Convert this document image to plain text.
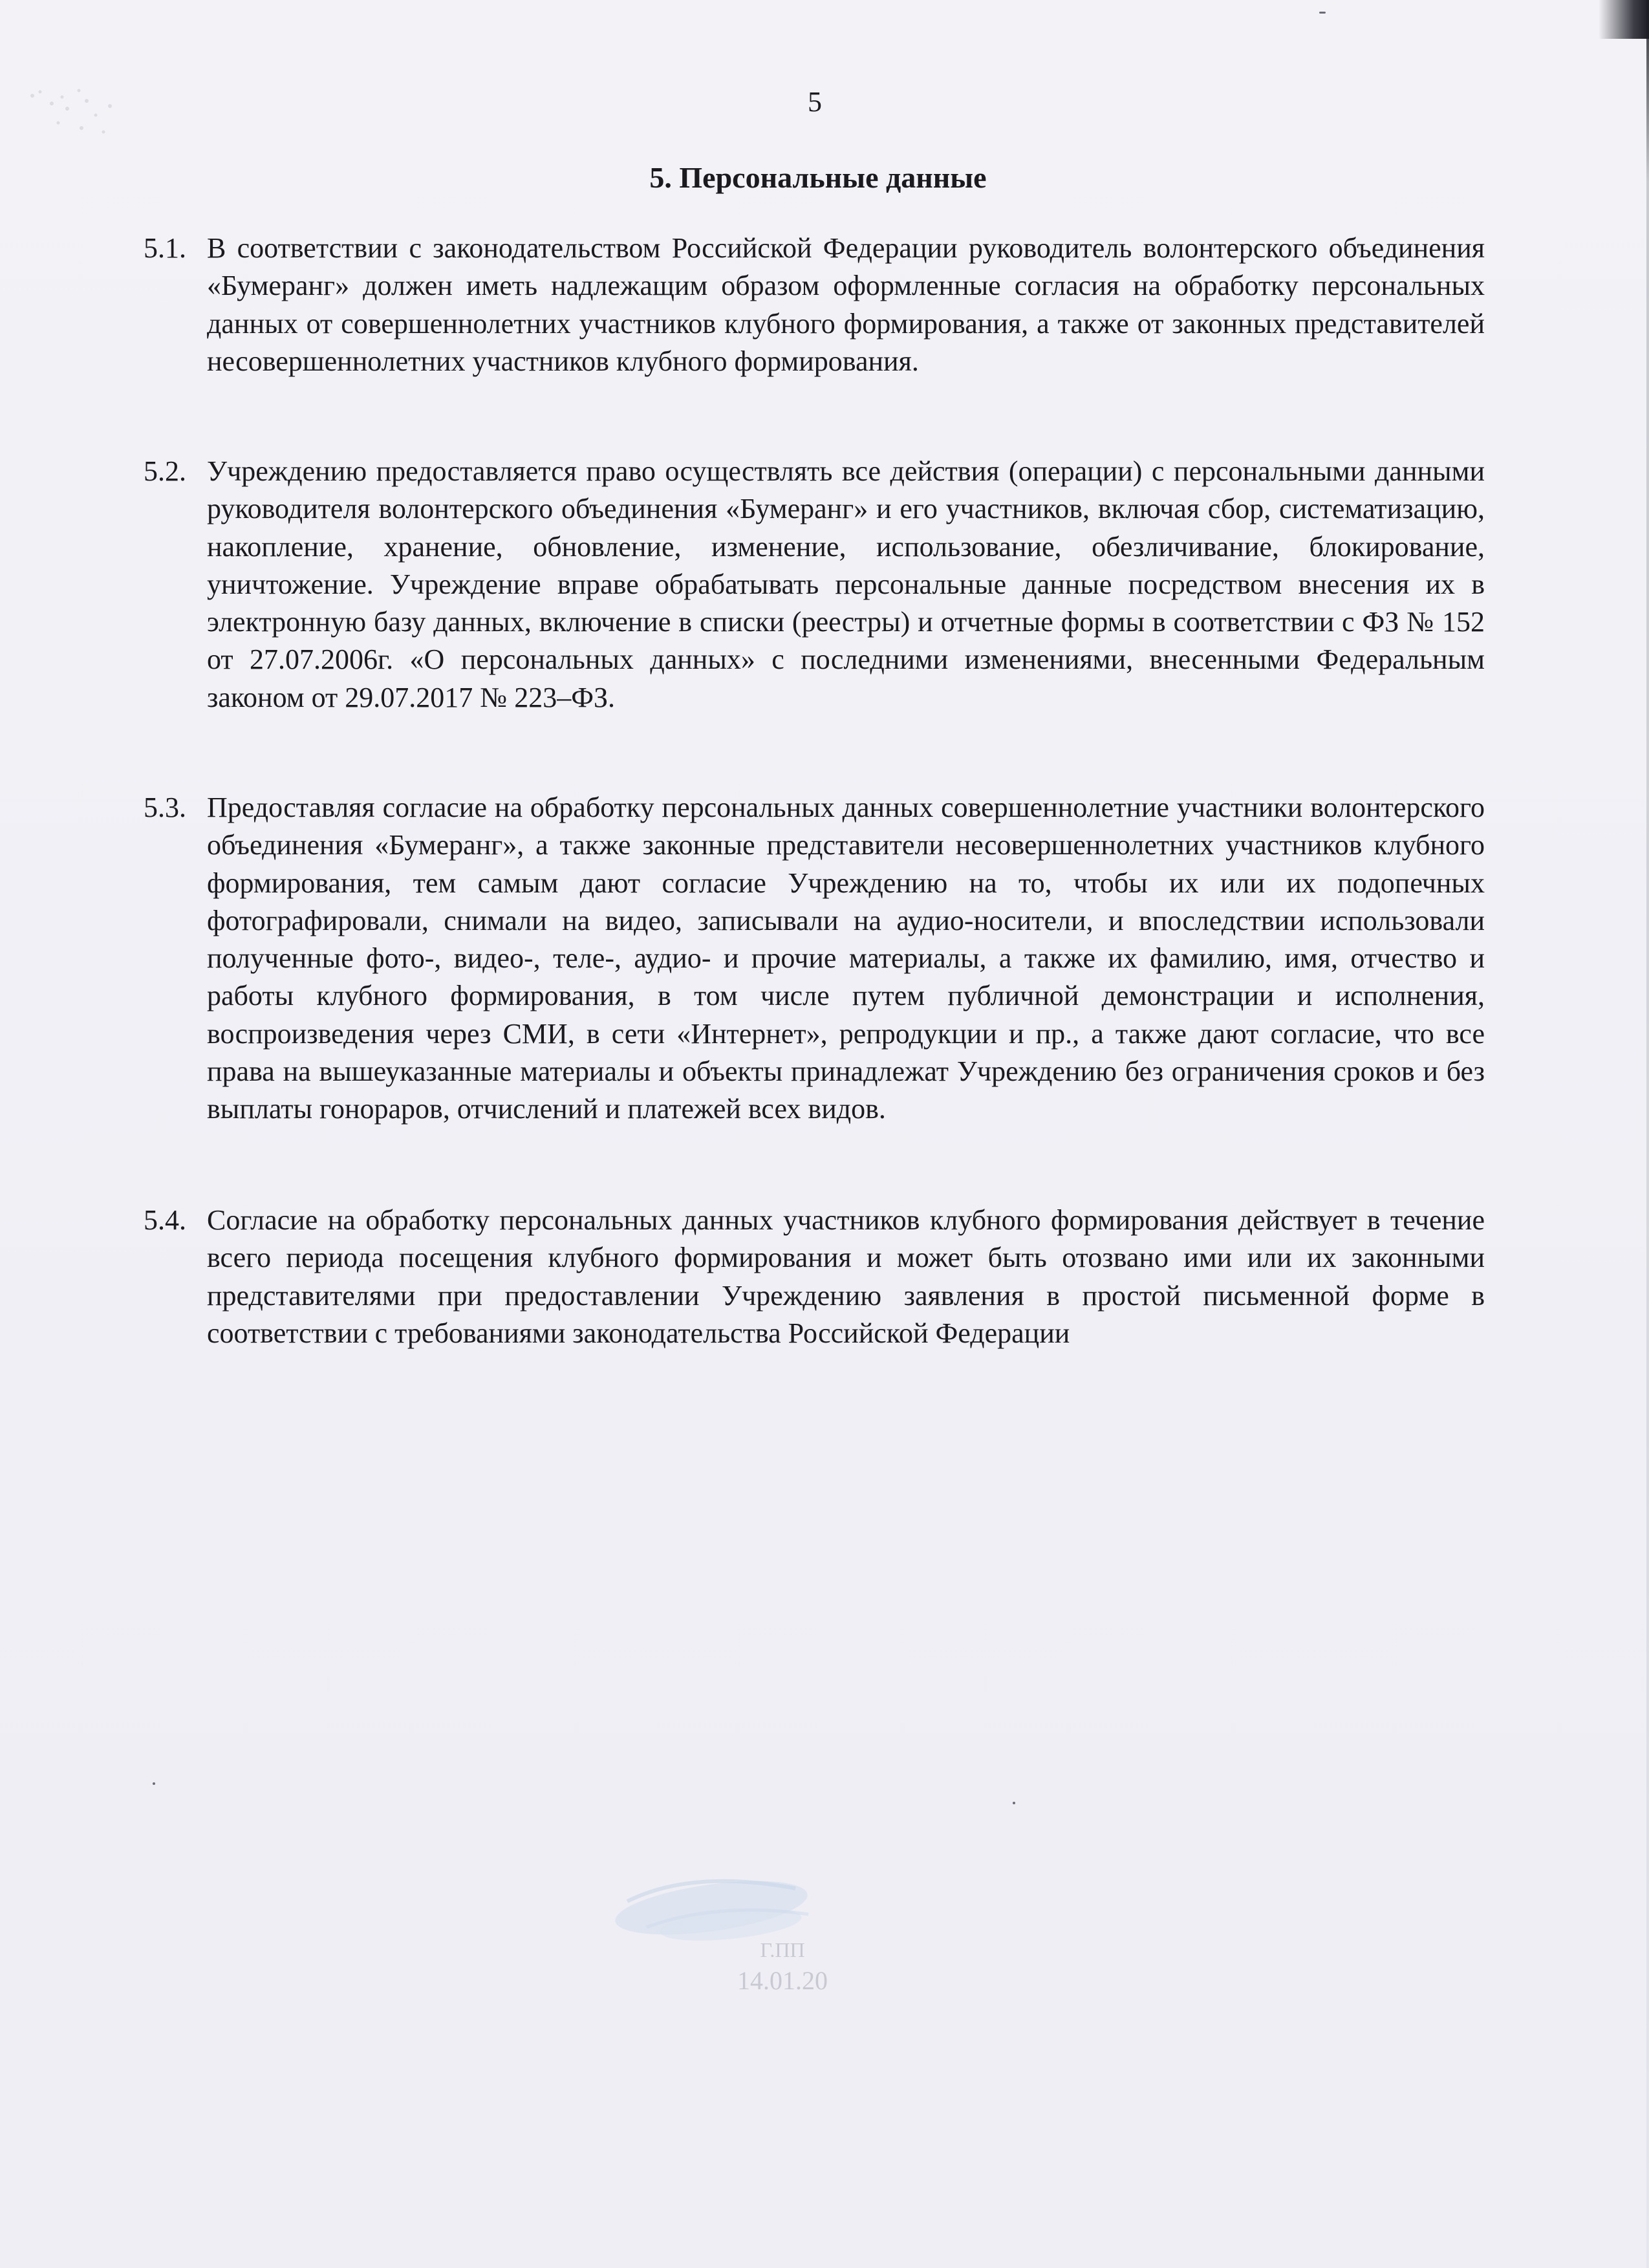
5
5. Персональные данные
5.1. В соответствии с законодательством Российской Федерации руководитель волонтерского объединения «Бумеранг» должен иметь надлежащим образом оформленные согласия на обработку персональных данных от совершеннолетних участников клубного формирования, а также от законных представителей несовершеннолетних участников клубного формирования.
5.2. Учреждению предоставляется право осуществлять все действия (операции) с персональными данными руководителя волонтерского объединения «Бумеранг» и его участников, включая сбор, систематизацию, накопление, хранение, обновление, изменение, использование, обезличивание, блокирование, уничтожение. Учреждение вправе обрабатывать персональные данные посредством внесения их в электронную базу данных, включение в списки (реестры) и отчетные формы в соответствии с ФЗ № 152 от 27.07.2006г. «О персональных данных» с последними изменениями, внесенными Федеральным законом от 29.07.2017 № 223–ФЗ.
5.3. Предоставляя согласие на обработку персональных данных совершеннолетние участники волонтерского объединения «Бумеранг», а также законные представители несовершеннолетних участников клубного формирования, тем самым дают согласие Учреждению на то, чтобы их или их подопечных фотографировали, снимали на видео, записывали на аудио-носители, и впоследствии использовали полученные фото-, видео-, теле-, аудио- и прочие материалы, а также их фамилию, имя, отчество и работы клубного формирования, в том числе путем публичной демонстрации и исполнения, воспроизведения через СМИ, в сети «Интернет», репродукции и пр., а также дают согласие, что все права на вышеуказанные материалы и объекты принадлежат Учреждению без ограничения сроков и без выплаты гонораров, отчислений и платежей всех видов.
5.4. Согласие на обработку персональных данных участников клубного формирования действует в течение всего периода посещения клубного формирования и может быть отозвано ими или их законными представителями при предоставлении Учреждению заявления в простой письменной форме в соответствии с требованиями законодательства Российской Федерации
Г.ПП
14.01.20
